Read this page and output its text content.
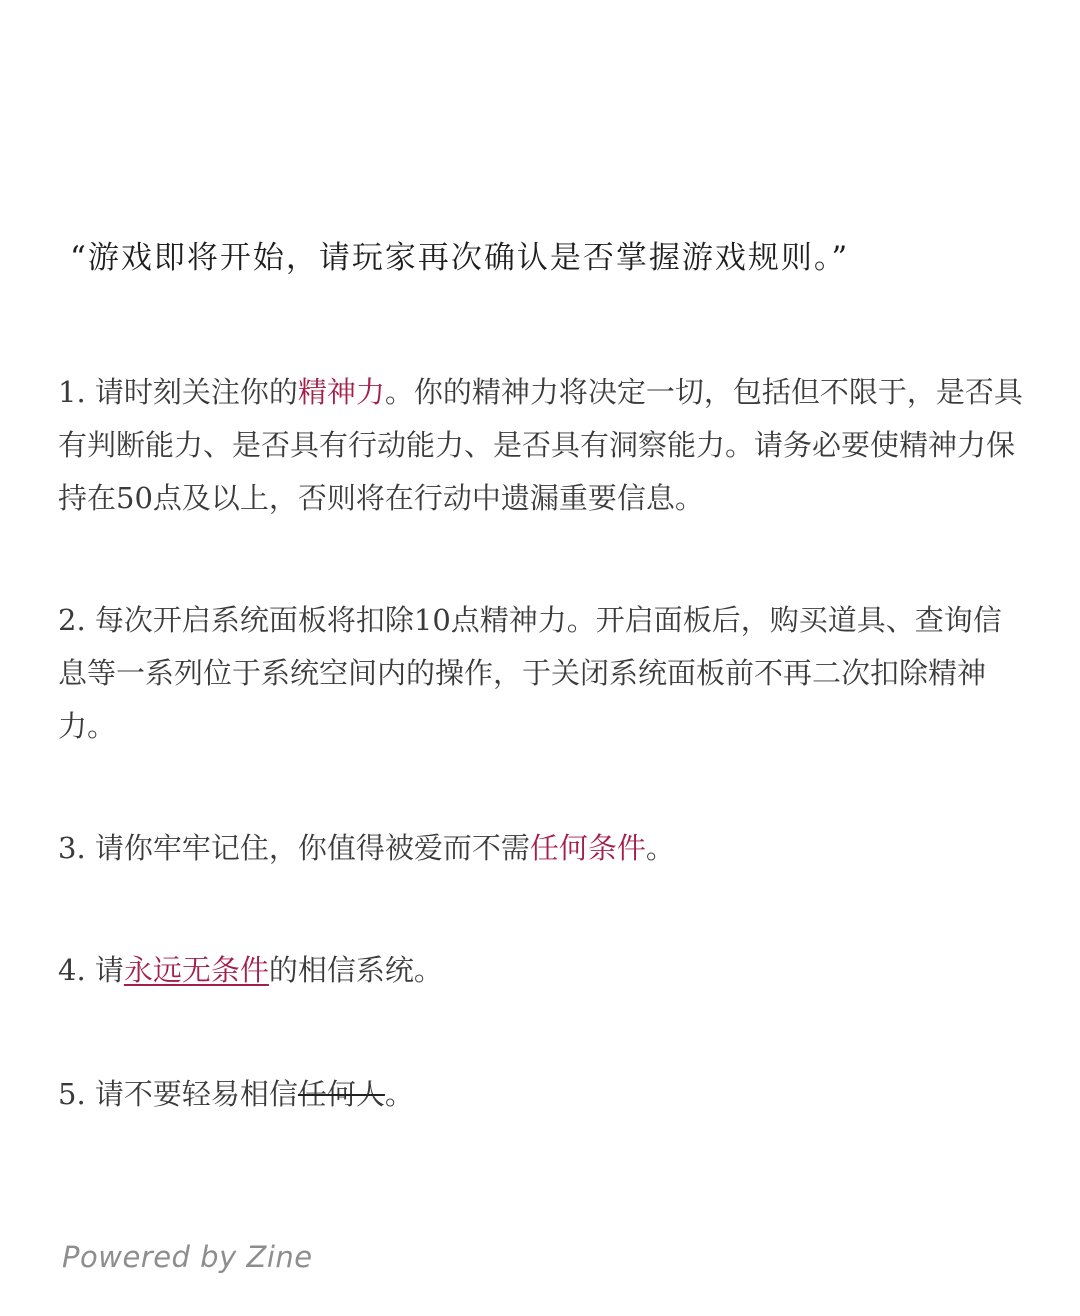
“游戏即将开始，请玩家再次确认是否掌握游戏规则。”
1. 请时刻关注你的精神力。你的精神力将决定一切，包括但不限于，是否具有判断能力、是否具有行动能力、是否具有洞察能力。请务必要使精神力保持在50点及以上，否则将在行动中遗漏重要信息。
2. 每次开启系统面板将扣除10点精神力。开启面板后，购买道具、查询信息等一系列位于系统空间内的操作，于关闭系统面板前不再二次扣除精神力。
3. 请你牢牢记住，你值得被爱而不需任何条件。
4. 请永远无条件的相信系统。
5. 请不要轻易相信任何人。
Powered by Zine
